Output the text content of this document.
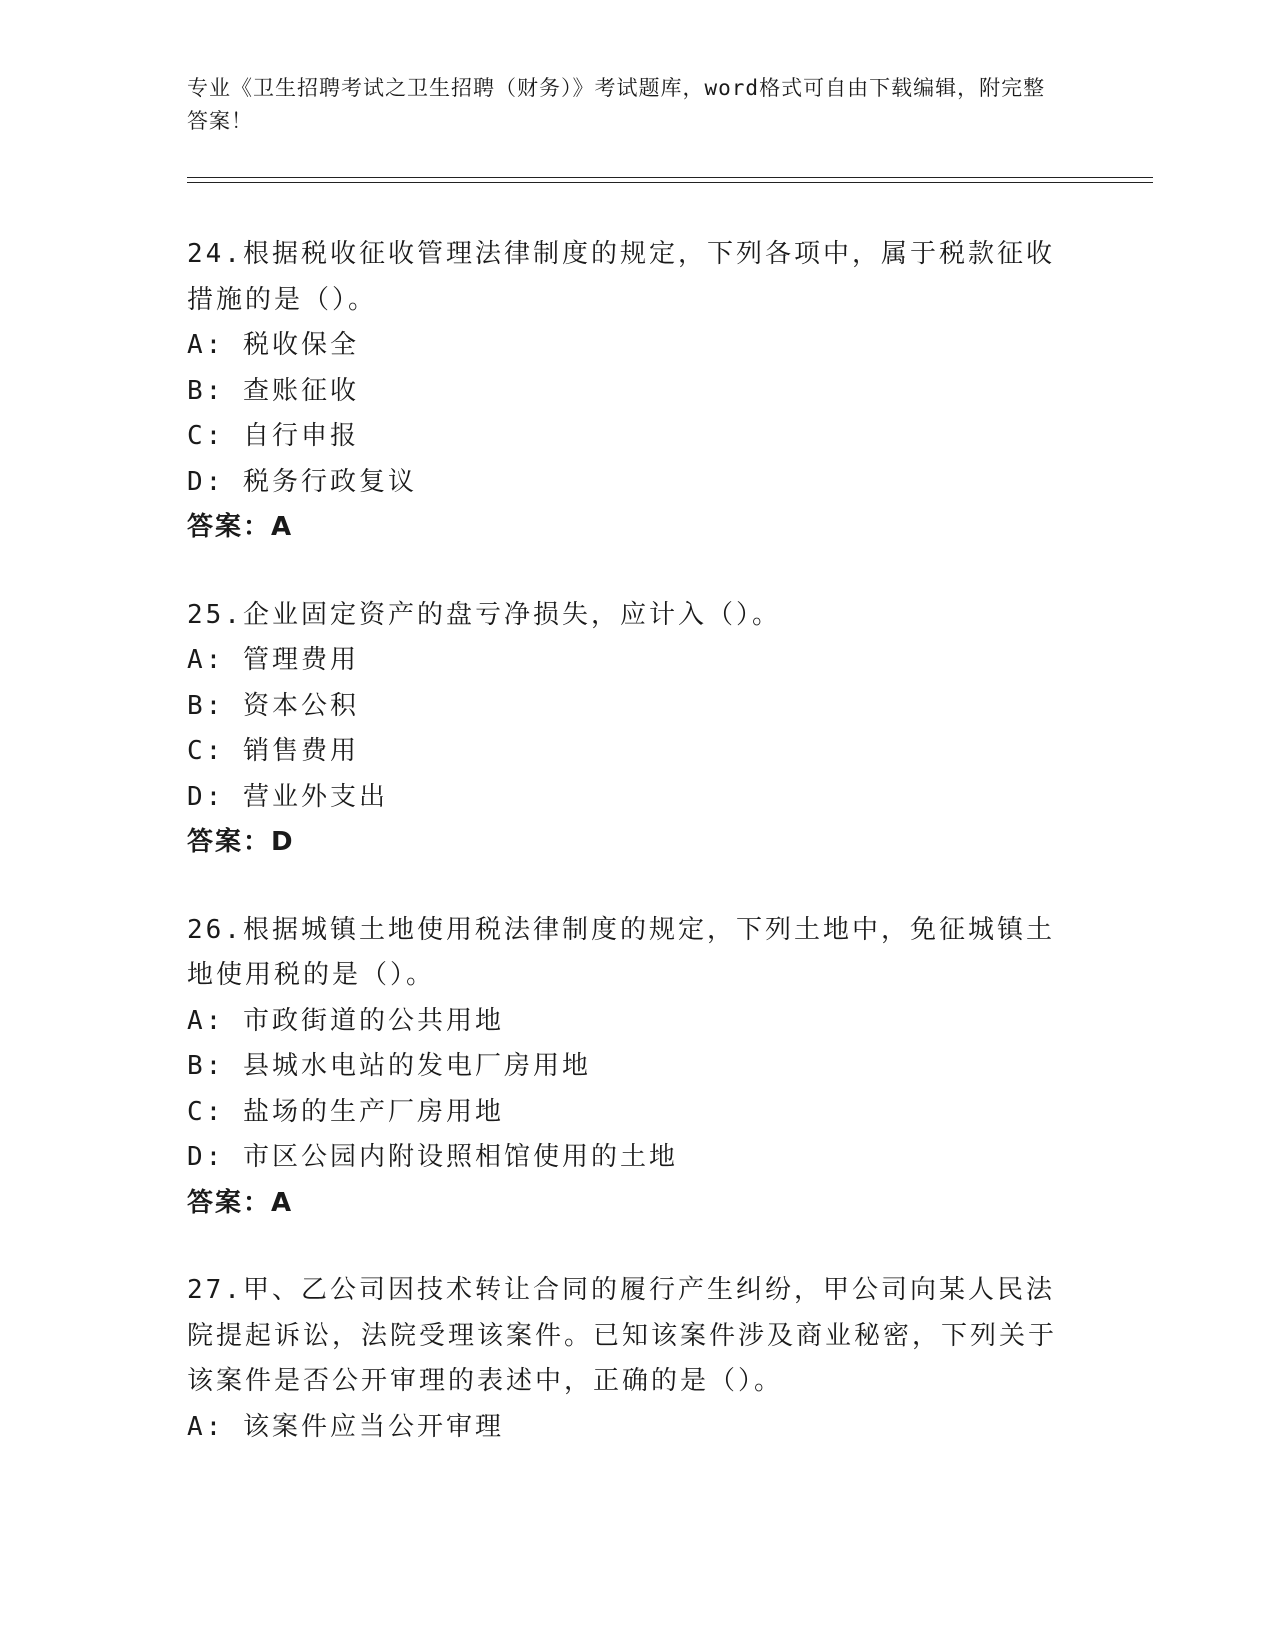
专业《卫生招聘考试之卫生招聘（财务）》考试题库，word格式可自由下载编辑，附完整答案！
24.根据税收征收管理法律制度的规定，下列各项中，属于税款征收措施的是（）。
A: 税收保全
B: 查账征收
C: 自行申报
D: 税务行政复议
答案：A
25.企业固定资产的盘亏净损失，应计入（）。
A: 管理费用
B: 资本公积
C: 销售费用
D: 营业外支出
答案：D
26.根据城镇土地使用税法律制度的规定，下列土地中，免征城镇土地使用税的是（）。
A: 市政街道的公共用地
B: 县城水电站的发电厂房用地
C: 盐场的生产厂房用地
D: 市区公园内附设照相馆使用的土地
答案：A
27.甲、乙公司因技术转让合同的履行产生纠纷，甲公司向某人民法院提起诉讼，法院受理该案件。已知该案件涉及商业秘密，下列关于该案件是否公开审理的表述中，正确的是（）。
A: 该案件应当公开审理
